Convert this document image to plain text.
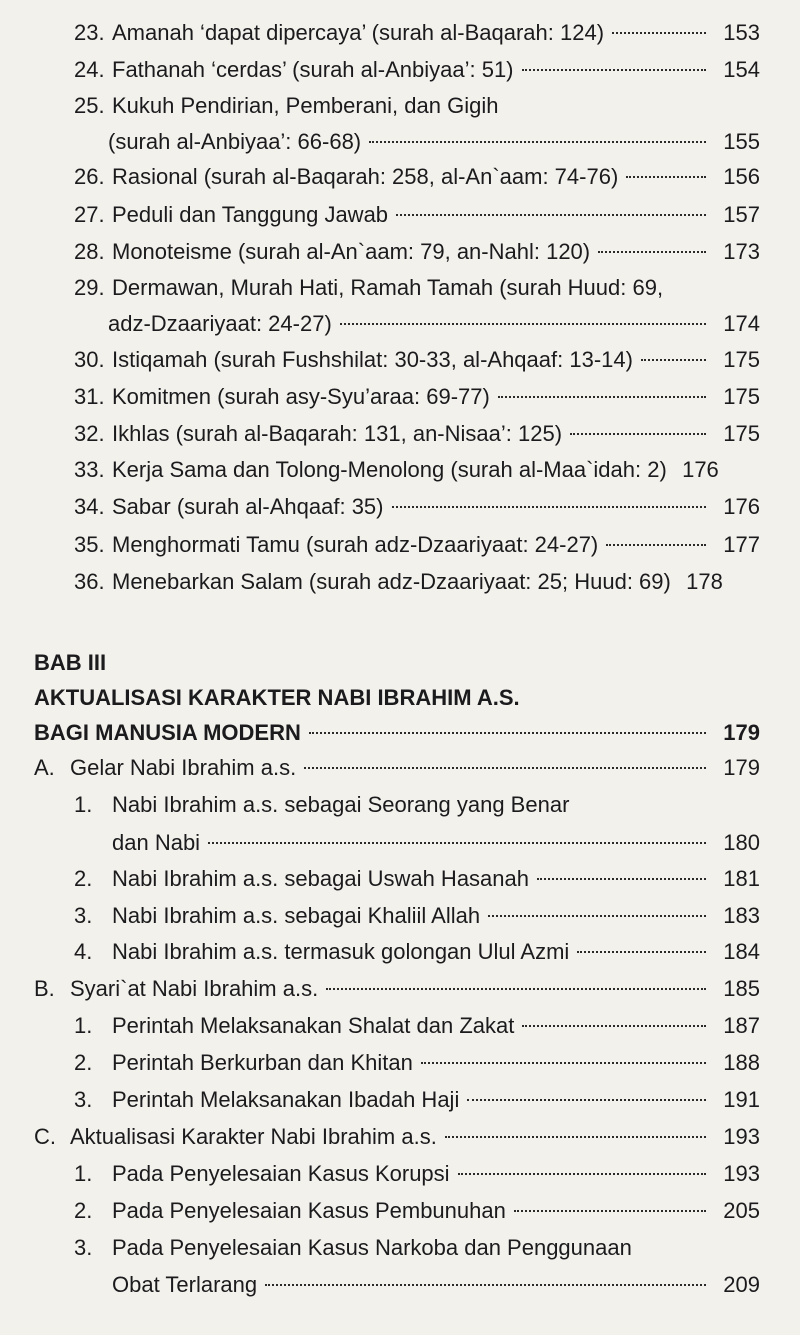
23. Amanah ‘dapat dipercaya’ (surah al-Baqarah: 124)	153
24. Fathanah ‘cerdas’ (surah al-Anbiyaa’: 51)	154
25. Kukuh Pendirian, Pemberani, dan Gigih
(surah al-Anbiyaa’: 66-68)	155
26. Rasional (surah al-Baqarah: 258, al-An`aam: 74-76)	156
27. Peduli dan Tanggung Jawab	157
28. Monoteisme (surah al-An`aam: 79, an-Nahl: 120)	173
29. Dermawan, Murah Hati, Ramah Tamah (surah Huud: 69,
adz-Dzaariyaat: 24-27)	174
30. Istiqamah (surah Fushshilat: 30-33, al-Ahqaaf: 13-14)	175
31. Komitmen (surah asy-Syu’araa: 69-77)	175
32. Ikhlas (surah al-Baqarah: 131, an-Nisaa’: 125)	175
33. Kerja Sama dan Tolong-Menolong (surah al-Maa`idah: 2) 176
34. Sabar (surah al-Ahqaaf: 35)	176
35. Menghormati Tamu (surah adz-Dzaariyaat: 24-27)	177
36. Menebarkan Salam (surah adz-Dzaariyaat: 25; Huud: 69) 178
BAB III
AKTUALISASI KARAKTER NABI IBRAHIM A.S.
BAGI MANUSIA MODERN	179
A. Gelar Nabi Ibrahim a.s.	179
1. Nabi Ibrahim a.s. sebagai Seorang yang Benar
dan Nabi	180
2. Nabi Ibrahim a.s. sebagai Uswah Hasanah	181
3. Nabi Ibrahim a.s. sebagai Khaliil Allah	183
4. Nabi Ibrahim a.s. termasuk golongan Ulul Azmi	184
B. Syari`at Nabi Ibrahim a.s.	185
1. Perintah Melaksanakan Shalat dan Zakat	187
2. Perintah Berkurban dan Khitan	188
3. Perintah Melaksanakan Ibadah Haji	191
C. Aktualisasi Karakter Nabi Ibrahim a.s.	193
1. Pada Penyelesaian Kasus Korupsi	193
2. Pada Penyelesaian Kasus Pembunuhan	205
3. Pada Penyelesaian Kasus Narkoba dan Penggunaan
Obat Terlarang	209
